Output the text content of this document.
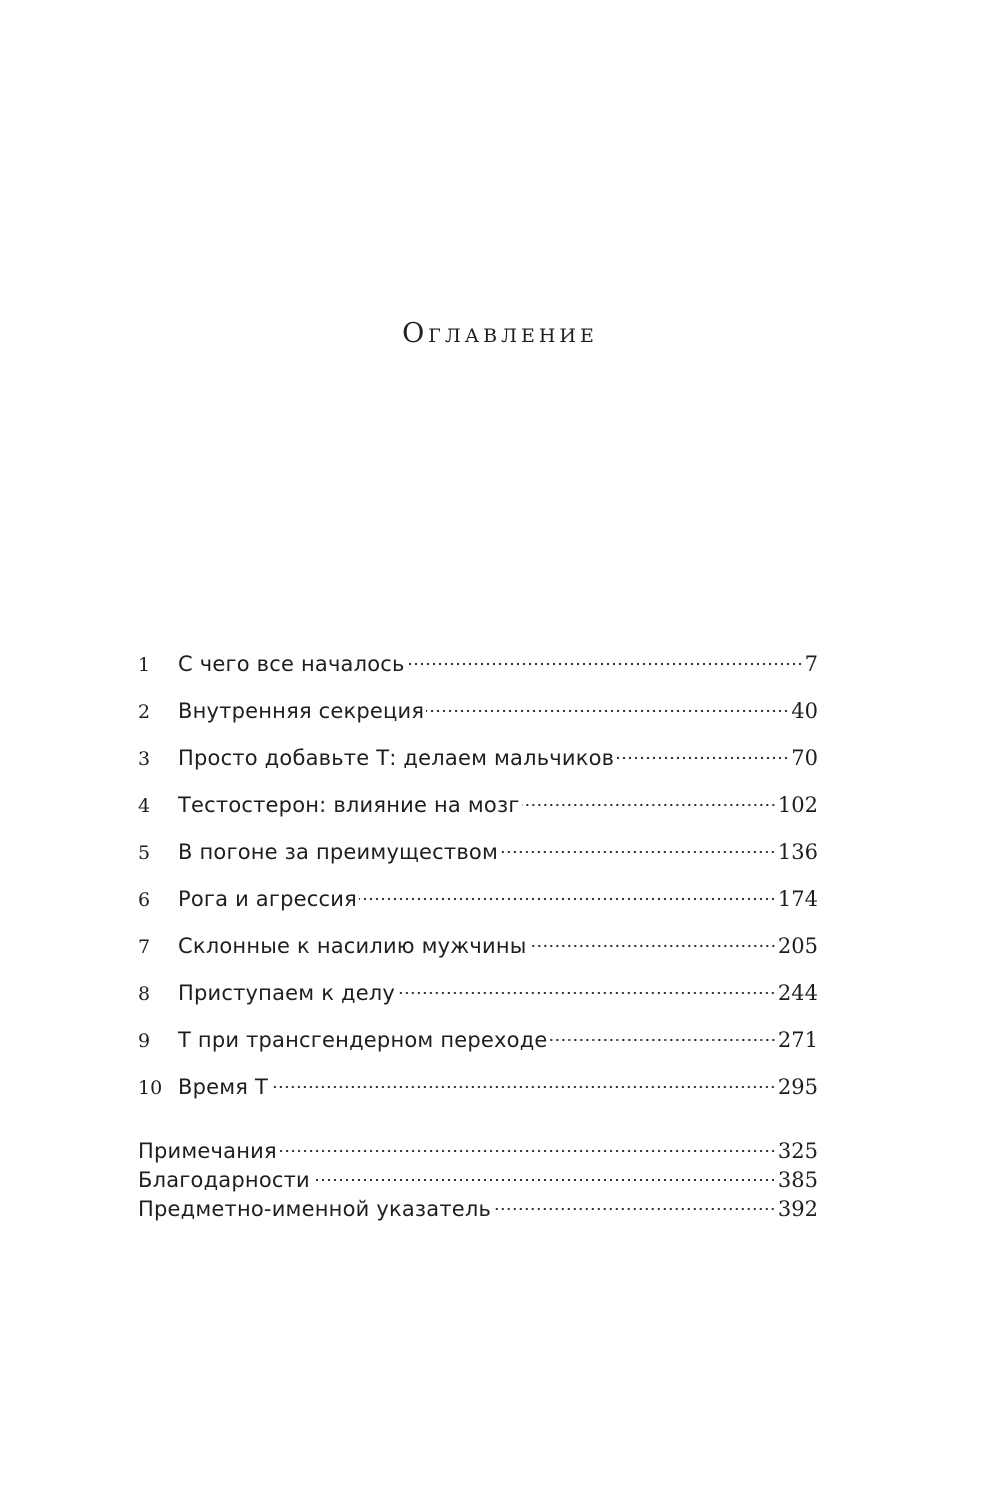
Оглавление
1	С чего все началось	7
2	Внутренняя секреция	40
3	Просто добавьте Т: делаем мальчиков	70
4	Тестостерон: влияние на мозг	102
5	В погоне за преимуществом	136
6	Рога и агрессия	174
7	Склонные к насилию мужчины	205
8	Приступаем к делу	244
9	Т при трансгендерном переходе	271
10 Время Т	295
Примечания	325
Благодарности	385
Предметно-именной указатель	392
